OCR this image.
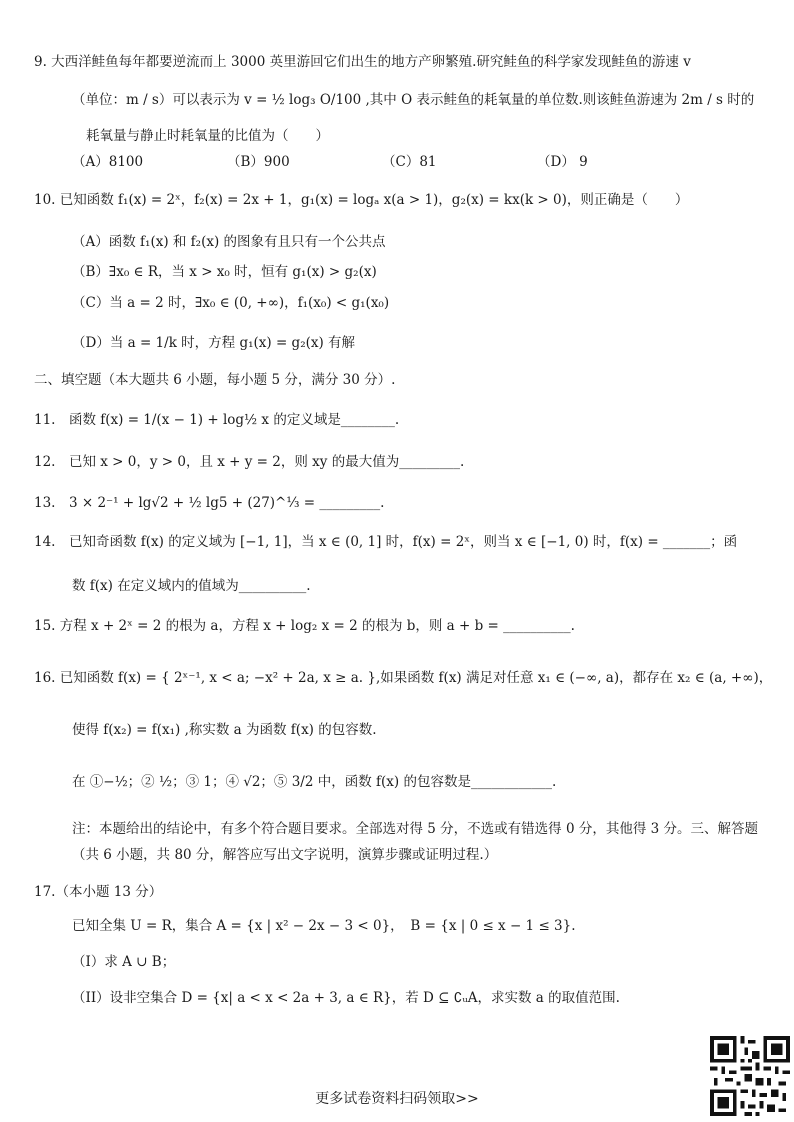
9. 大西洋鲑鱼每年都要逆流而上 3000 英里游回它们出生的地方产卵繁殖.研究鲑鱼的科学家发现鲑鱼的游速 v
（单位：m / s）可以表示为 v = ½ log₃ O/100 ,其中 O 表示鲑鱼的耗氧量的单位数.则该鲑鱼游速为 2m / s 时的
耗氧量与静止时耗氧量的比值为（　　）
（A）8100	（B）900	（C）81	（D） 9
10. 已知函数 f₁(x) = 2ˣ，f₂(x) = 2x + 1，g₁(x) = logₐ x(a > 1)，g₂(x) = kx(k > 0)，则正确是（　　）
（A）函数 f₁(x) 和 f₂(x) 的图象有且只有一个公共点
（B）∃x₀ ∈ R，当 x > x₀ 时，恒有 g₁(x) > g₂(x)
（C）当 a = 2 时，∃x₀ ∈ (0, +∞)，f₁(x₀) < g₁(x₀)
（D）当 a = 1/k 时，方程 g₁(x) = g₂(x) 有解
二、填空题（本大题共 6 小题，每小题 5 分，满分 30 分）.
11.　函数 f(x) = 1/(x − 1) + log½ x 的定义域是________.
12.　已知 x > 0，y > 0，且 x + y = 2，则 xy 的最大值为_________.
13.　3 × 2⁻¹ + lg√2 + ½ lg5 + (27)^⅓ = _________.
14.　已知奇函数 f(x) 的定义域为 [−1, 1]，当 x ∈ (0, 1] 时，f(x) = 2ˣ，则当 x ∈ [−1, 0) 时，f(x) = _______；函
数 f(x) 在定义域内的值域为__________.
15. 方程 x + 2ˣ = 2 的根为 a，方程 x + log₂ x = 2 的根为 b，则 a + b = __________.
16. 已知函数 f(x) = { 2ˣ⁻¹, x < a; −x² + 2a, x ≥ a. },如果函数 f(x) 满足对任意 x₁ ∈ (−∞, a)，都存在 x₂ ∈ (a, +∞)，
使得 f(x₂) = f(x₁) ,称实数 a 为函数 f(x) 的包容数.
在 ①−½；② ½；③ 1；④ √2；⑤ 3/2 中，函数 f(x) 的包容数是____________.
注：本题给出的结论中，有多个符合题目要求。全部选对得 5 分，不选或有错选得 0 分，其他得 3 分。三、解答题（共 6 小题，共 80 分，解答应写出文字说明，演算步骤或证明过程.）
17.（本小题 13 分）
已知全集 U = R，集合 A = {x | x² − 2x − 3 < 0}，　B = {x | 0 ≤ x − 1 ≤ 3}.
（I）求 A ∪ B；
（II）设非空集合 D = {x| a < x < 2a + 3, a ∈ R}，若 D ⊆ ∁ᵤA，求实数 a 的取值范围.
更多试卷资料扫码领取>>
